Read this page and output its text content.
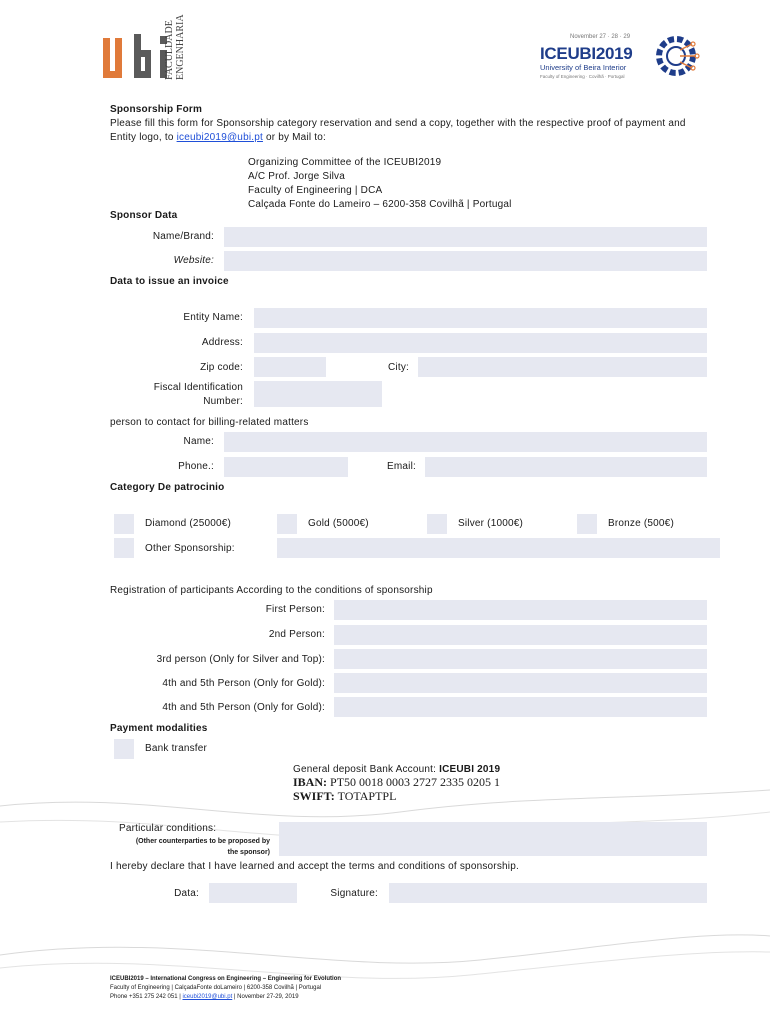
FACULDADE ENGENHARIA	November 27 · 28 · 29
ICEUBI2019
University of Beira Interior
Faculty of Engineering · Covilhã · Portugal
Sponsorship Form
Please fill this form for Sponsorship category reservation and send a copy, together with the respective proof of payment and
Entity logo, to iceubi2019@ubi.pt or by Mail to:
Organizing Committee of the ICEUBI2019
A/C Prof. Jorge Silva
Faculty of Engineering | DCA
Calçada Fonte do Lameiro – 6200-358 Covilhã | Portugal
Sponsor Data
Name/Brand:
Website:
Data to issue an invoice
Entity Name:
Address:
Zip code:	City:
Fiscal Identification
Number:
person to contact for billing-related matters
Name:
Phone.:	Email:
Category De patrocinio
Diamond (25000€)	Gold (5000€)	Silver (1000€)	Bronze (500€)
Other Sponsorship:
Registration of participants According to the conditions of sponsorship
First Person:
2nd Person:
3rd person (Only for Silver and Top):
4th and 5th Person (Only for Gold):
4th and 5th Person (Only for Gold):
Payment modalities
Bank transfer
General deposit Bank Account: ICEUBI 2019
IBAN: PT50 0018 0003 2727 2335 0205 1
SWIFT: TOTAPTPL
Particular conditions:
(Other counterparties to be proposed by
the sponsor)
I hereby declare that I have learned and accept the terms and conditions of sponsorship.
Data:	Signature:
ICEUBI2019 – International Congress on Engineering – Engineering for Evolution
Faculty of Engineering | CalçadaFonte doLameiro | 6200-358 Covilhã | Portugal
Phone +351 275 242 051 | iceubi2019@ubi.pt | November 27-29, 2019
